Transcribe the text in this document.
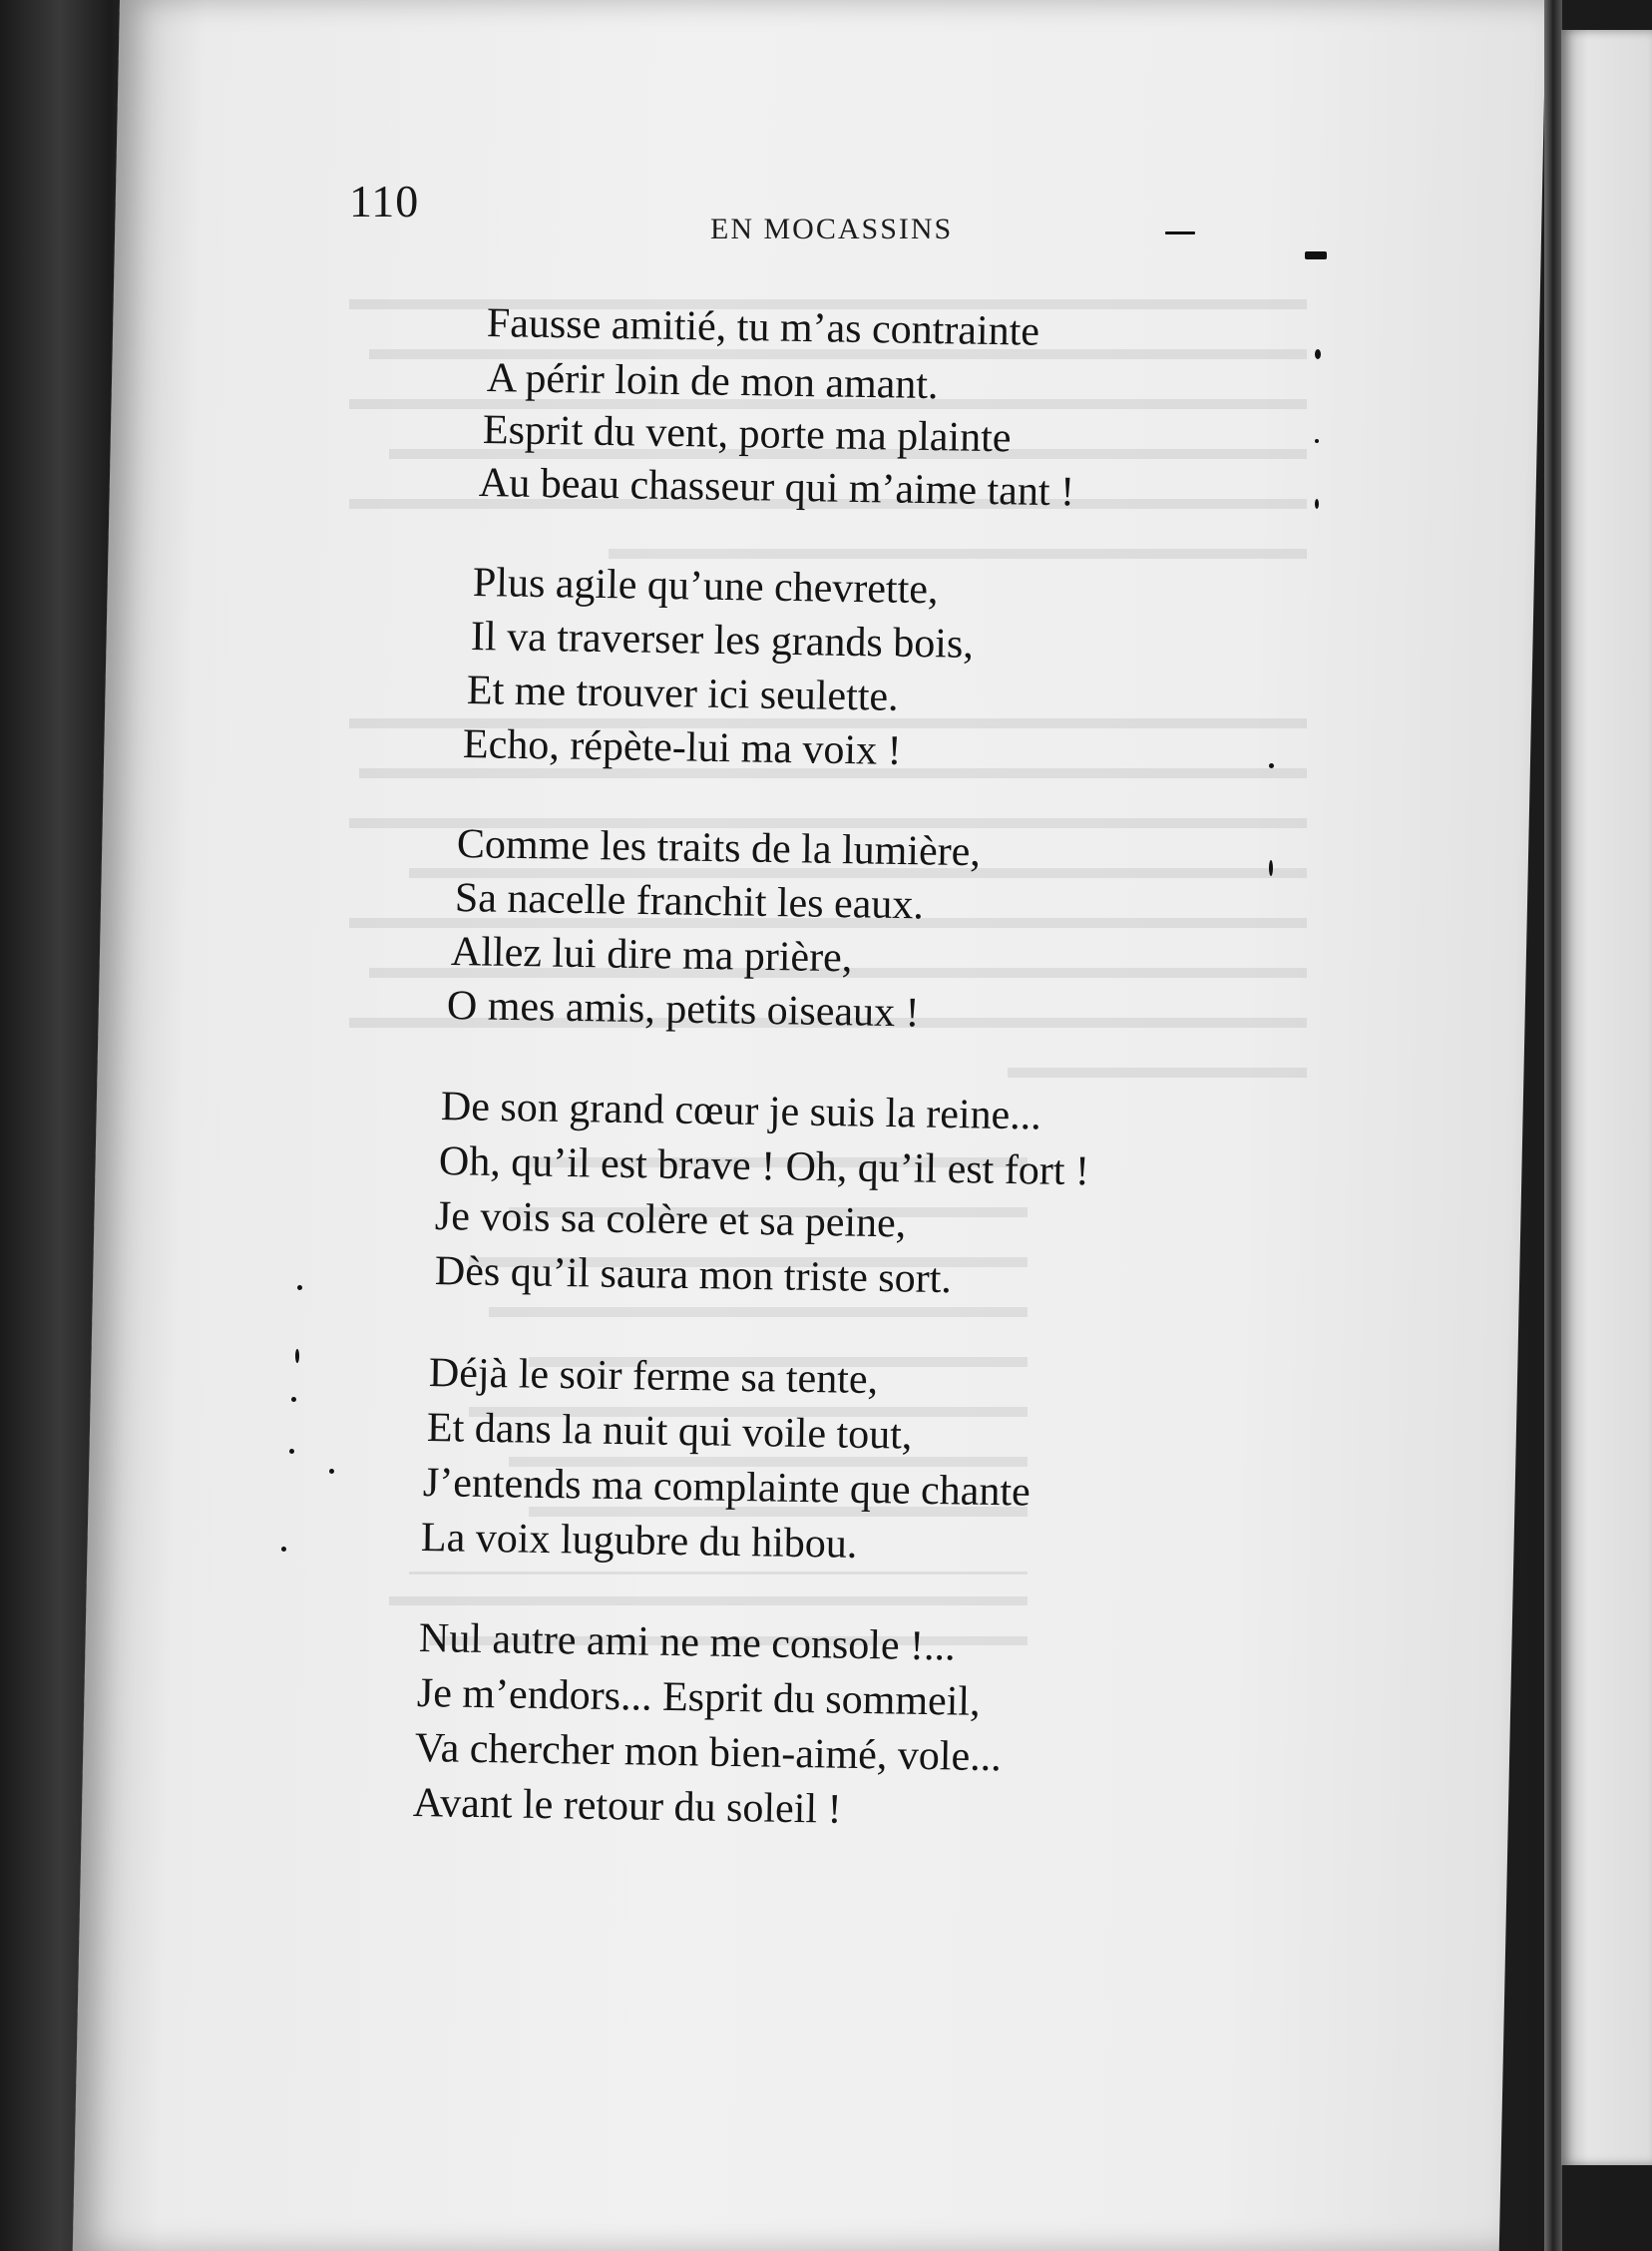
110
EN MOCASSINS
Fausse amitié, tu m’as contrainte
A périr loin de mon amant.
Esprit du vent, porte ma plainte
Au beau chasseur qui m’aime tant !
Plus agile qu’une chevrette,
Il va traverser les grands bois,
Et me trouver ici seulette.
Echo, répète-lui ma voix !
Comme les traits de la lumière,
Sa nacelle franchit les eaux.
Allez lui dire ma prière,
O mes amis, petits oiseaux !
De son grand cœur je suis la reine...
Oh, qu’il est brave ! Oh, qu’il est fort !
Je vois sa colère et sa peine,
Dès qu’il saura mon triste sort.
Déjà le soir ferme sa tente,
Et dans la nuit qui voile tout,
J’entends ma complainte que chante
La voix lugubre du hibou.
Nul autre ami ne me console !...
Je m’endors... Esprit du sommeil,
Va chercher mon bien-aimé, vole...
Avant le retour du soleil !
